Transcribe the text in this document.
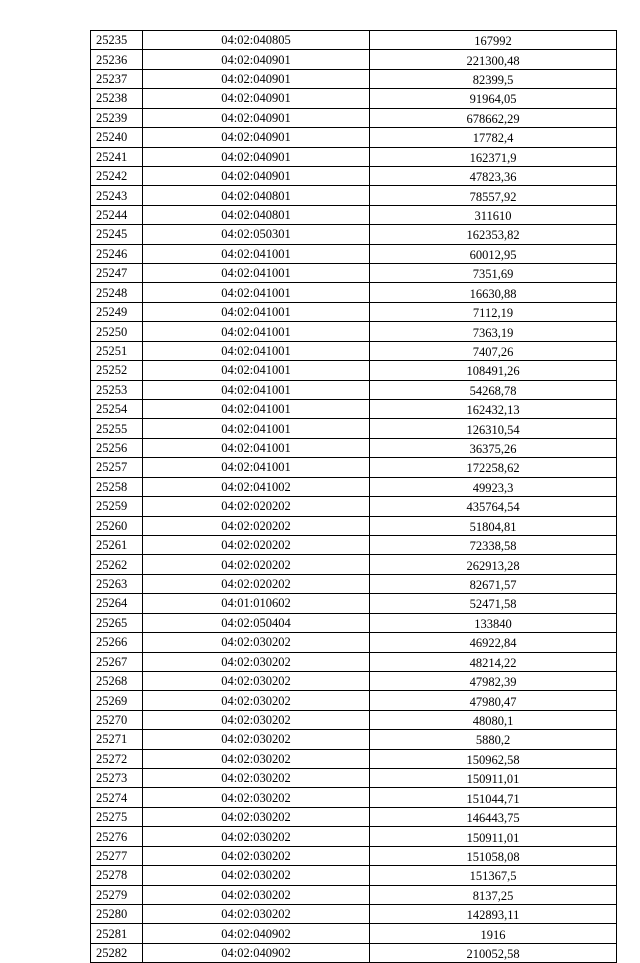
25235	04:02:040805	167992
25236	04:02:040901	221300,48
25237	04:02:040901	82399,5
25238	04:02:040901	91964,05
25239	04:02:040901	678662,29
25240	04:02:040901	17782,4
25241	04:02:040901	162371,9
25242	04:02:040901	47823,36
25243	04:02:040801	78557,92
25244	04:02:040801	311610
25245	04:02:050301	162353,82
25246	04:02:041001	60012,95
25247	04:02:041001	7351,69
25248	04:02:041001	16630,88
25249	04:02:041001	7112,19
25250	04:02:041001	7363,19
25251	04:02:041001	7407,26
25252	04:02:041001	108491,26
25253	04:02:041001	54268,78
25254	04:02:041001	162432,13
25255	04:02:041001	126310,54
25256	04:02:041001	36375,26
25257	04:02:041001	172258,62
25258	04:02:041002	49923,3
25259	04:02:020202	435764,54
25260	04:02:020202	51804,81
25261	04:02:020202	72338,58
25262	04:02:020202	262913,28
25263	04:02:020202	82671,57
25264	04:01:010602	52471,58
25265	04:02:050404	133840
25266	04:02:030202	46922,84
25267	04:02:030202	48214,22
25268	04:02:030202	47982,39
25269	04:02:030202	47980,47
25270	04:02:030202	48080,1
25271	04:02:030202	5880,2
25272	04:02:030202	150962,58
25273	04:02:030202	150911,01
25274	04:02:030202	151044,71
25275	04:02:030202	146443,75
25276	04:02:030202	150911,01
25277	04:02:030202	151058,08
25278	04:02:030202	151367,5
25279	04:02:030202	8137,25
25280	04:02:030202	142893,11
25281	04:02:040902	1916
25282	04:02:040902	210052,58
